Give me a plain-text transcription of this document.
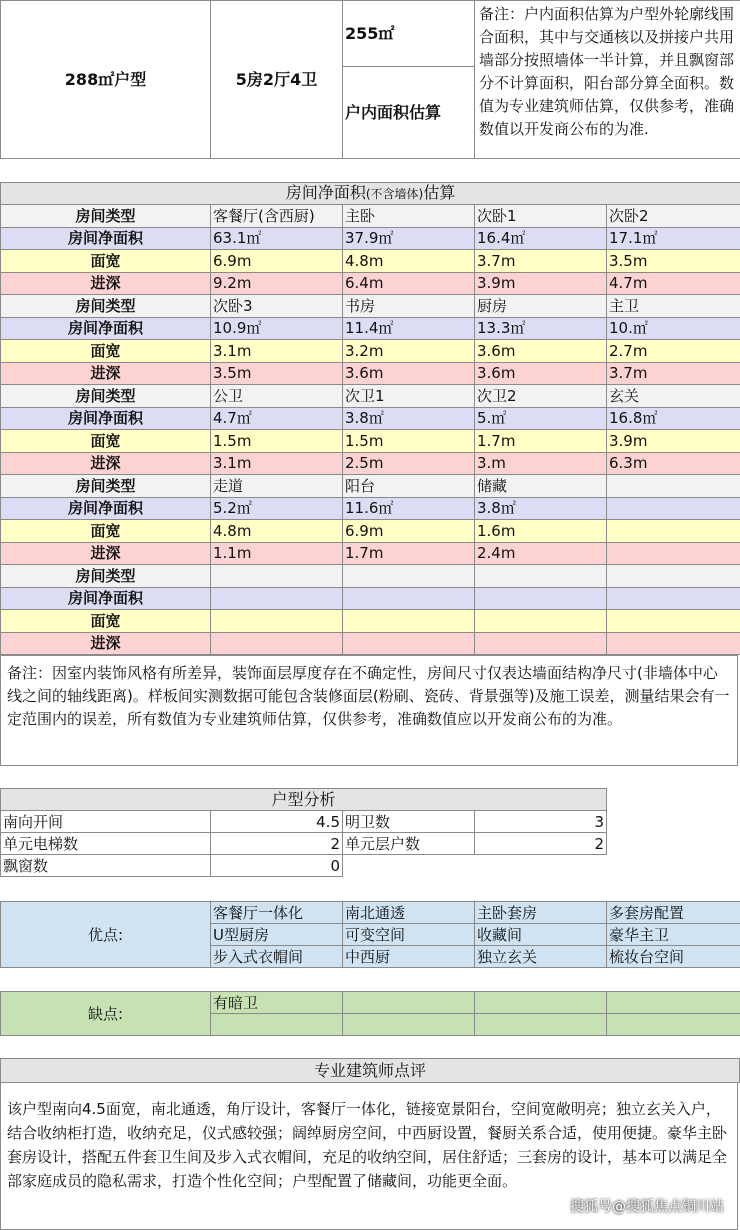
288㎡户型	5房2厅4卫	255㎡	备注：户内面积估算为户型外轮廓线围合面积，其中与交通核以及拼接户共用墙部分按照墙体一半计算，并且飘窗部分不计算面积，阳台部分算全面积。数值为专业建筑师估算，仅供参考，准确数值以开发商公布的为准.
户内面积估算
房间净面积(不含墙体)估算				
房间类型	客餐厅(含西厨)	主卧	次卧1	次卧2
房间净面积	63.1㎡	37.9㎡	16.4㎡	17.1㎡
面宽	6.9m	4.8m	3.7m	3.5m
进深	9.2m	6.4m	3.9m	4.7m
房间类型	次卧3	书房	厨房	主卫
房间净面积	10.9㎡	11.4㎡	13.3㎡	10.㎡
面宽	3.1m	3.2m	3.6m	2.7m
进深	3.5m	3.6m	3.6m	3.7m
房间类型	公卫	次卫1	次卫2	玄关
房间净面积	4.7㎡	3.8㎡	5.㎡	16.8㎡
面宽	1.5m	1.5m	1.7m	3.9m
进深	3.1m	2.5m	3.m	6.3m
房间类型	走道	阳台	储藏	
房间净面积	5.2㎡	11.6㎡	3.8㎡	
面宽	4.8m	6.9m	1.6m	
进深	1.1m	1.7m	2.4m	
房间类型				
房间净面积				
面宽				
进深				
备注：因室内装饰风格有所差异，装饰面层厚度存在不确定性，房间尺寸仅表达墙面结构净尺寸(非墙体中心线之间的轴线距离)。样板间实测数据可能包含装修面层(粉刷、瓷砖、背景强等)及施工误差，测量结果会有一定范围内的误差，所有数值为专业建筑师估算，仅供参考，准确数值应以开发商公布的为准。
户型分析			
南向开间	4.5	明卫数	3
单元电梯数	2	单元层户数	2
飘窗数	0		
优点:	客餐厅一体化	南北通透	主卧套房	多套房配置
	U型厨房	可变空间	收藏间	豪华主卫
	步入式衣帽间	中西厨	独立玄关	梳妆台空间
缺点:	有暗卫			

专业建筑师点评
该户型南向4.5面宽，南北通透，角厅设计，客餐厅一体化，链接宽景阳台，空间宽敞明亮；独立玄关入户，结合收纳柜打造，收纳充足，仪式感较强；阔绰厨房空间，中西厨设置，餐厨关系合适，使用便捷。豪华主卧套房设计，搭配五件套卫生间及步入式衣帽间，充足的收纳空间，居住舒适；三套房的设计，基本可以满足全部家庭成员的隐私需求，打造个性化空间；户型配置了储藏间，功能更全面。
搜狐号@搜狐焦点铜川站
